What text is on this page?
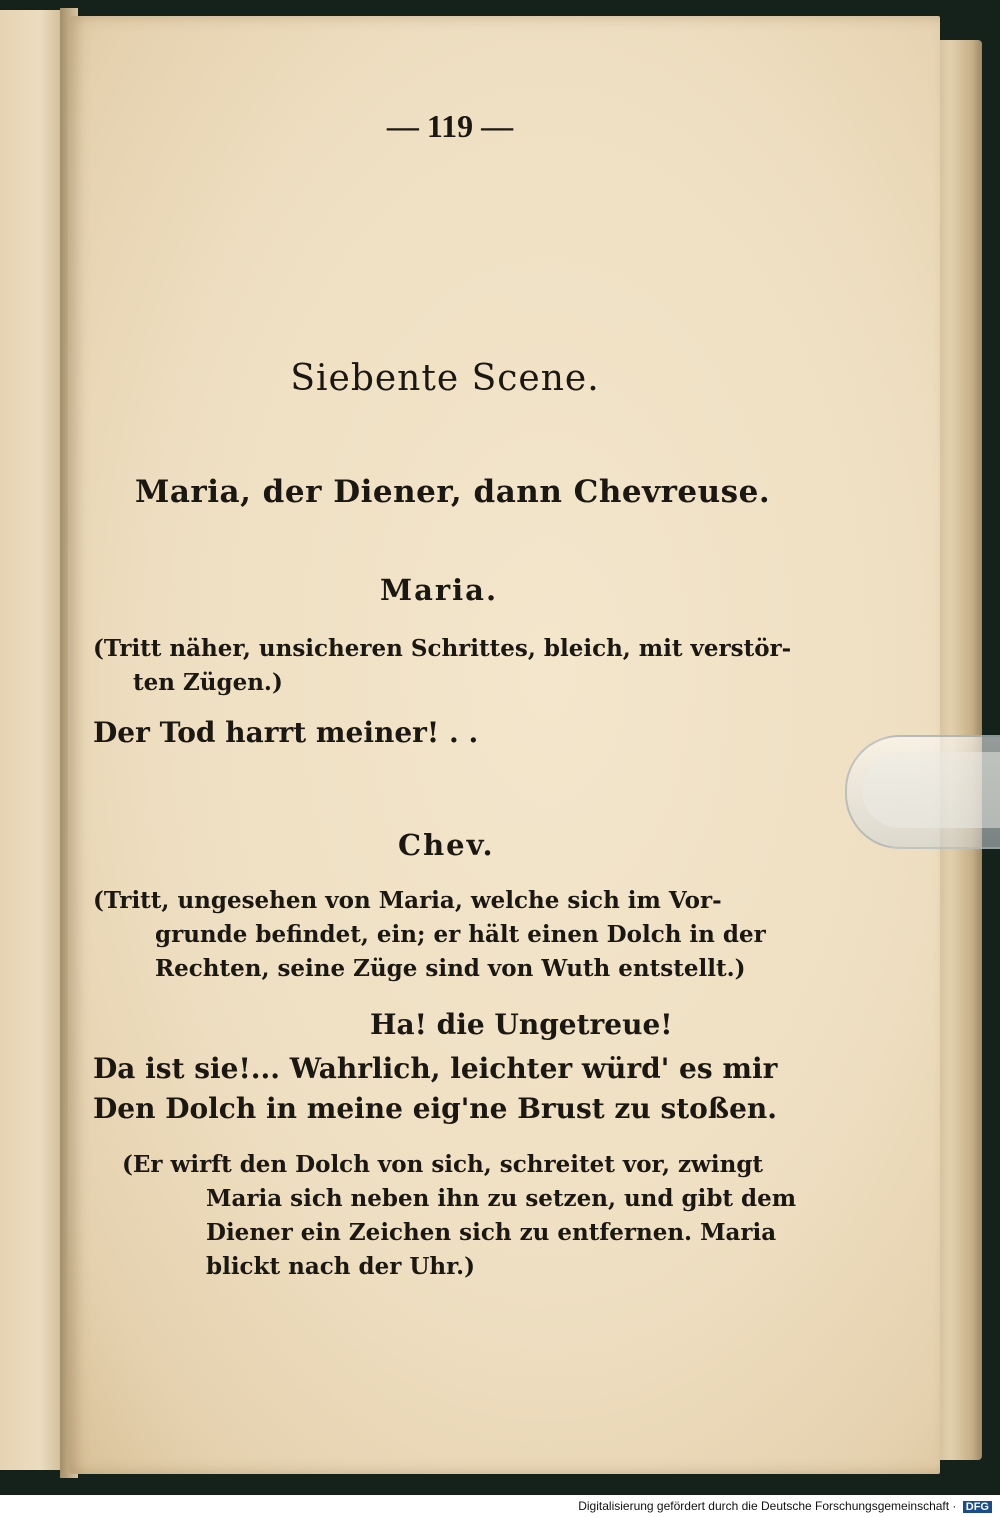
— 119 —
Siebente Scene.
Maria, der Diener, dann Chevreuse.
Maria.
(Tritt näher, unsicheren Schrittes, bleich, mit verstör-
ten Zügen.)
Der Tod harrt meiner! . .
Chev.
(Tritt, ungesehen von Maria, welche sich im Vor-
grunde befindet, ein; er hält einen Dolch in der
Rechten, seine Züge sind von Wuth entstellt.)
Ha! die Ungetreue!
Da ist sie!... Wahrlich, leichter würd' es mir
Den Dolch in meine eig'ne Brust zu stoßen.
(Er wirft den Dolch von sich, schreitet vor, zwingt
Maria sich neben ihn zu setzen, und gibt dem
Diener ein Zeichen sich zu entfernen. Maria
blickt nach der Uhr.)
Digitalisierung gefördert durch die Deutsche Forschungsgemeinschaft · DFG
